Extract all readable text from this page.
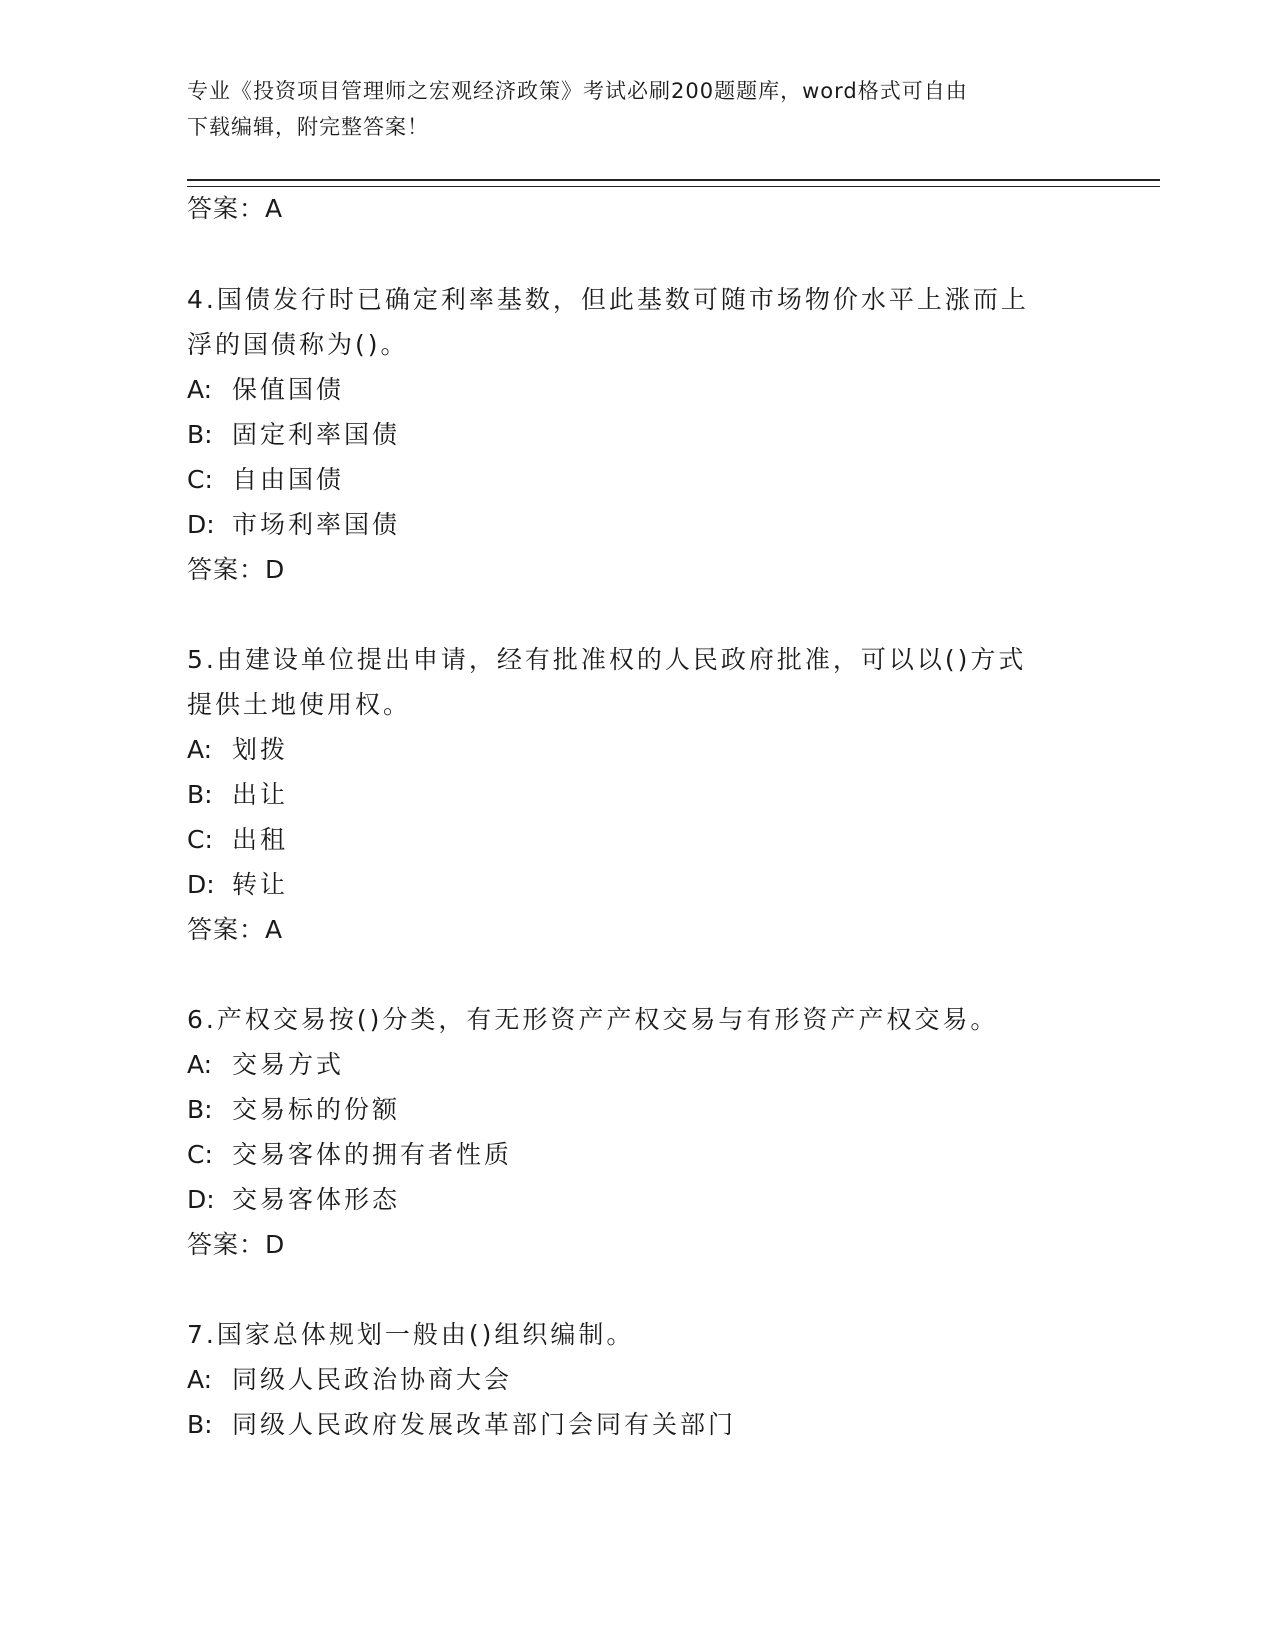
专业《投资项目管理师之宏观经济政策》考试必刷200题题库，word格式可自由
下载编辑，附完整答案！
答案：A
4.国债发行时已确定利率基数，但此基数可随市场物价水平上涨而上
浮的国债称为()。
A: 保值国债
B: 固定利率国债
C: 自由国债
D: 市场利率国债
答案：D
5.由建设单位提出申请，经有批准权的人民政府批准，可以以()方式
提供土地使用权。
A: 划拨
B: 出让
C: 出租
D: 转让
答案：A
6.产权交易按()分类，有无形资产产权交易与有形资产产权交易。
A: 交易方式
B: 交易标的份额
C: 交易客体的拥有者性质
D: 交易客体形态
答案：D
7.国家总体规划一般由()组织编制。
A: 同级人民政治协商大会
B: 同级人民政府发展改革部门会同有关部门
